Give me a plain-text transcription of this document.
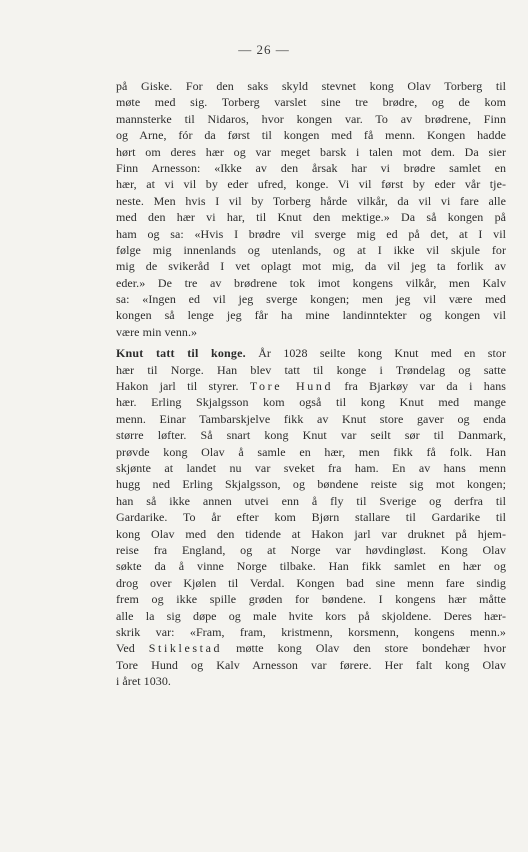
— 26 —
på Giske. For den saks skyld stevnet kong Olav Torberg til
møte med sig. Torberg varslet sine tre brødre, og de kom
mannsterke til Nidaros, hvor kongen var. To av brødrene, Finn
og Arne, fór da først til kongen med få menn. Kongen hadde
hørt om deres hær og var meget barsk i talen mot dem. Da sier
Finn Arnesson: «Ikke av den årsak har vi brødre samlet en
hær, at vi vil by eder ufred, konge. Vi vil først by eder vår tje-
neste. Men hvis I vil by Torberg hårde vilkår, da vil vi fare alle
med den hær vi har, til Knut den mektige.» Da så kongen på
ham og sa: «Hvis I brødre vil sverge mig ed på det, at I vil
følge mig innenlands og utenlands, og at I ikke vil skjule for
mig de svikeråd I vet oplagt mot mig, da vil jeg ta forlik av
eder.» De tre av brødrene tok imot kongens vilkår, men Kalv
sa: «Ingen ed vil jeg sverge kongen; men jeg vil være med
kongen så lenge jeg får ha mine landinntekter og kongen vil
være min venn.»
Knut tatt til konge. År 1028 seilte kong Knut med en stor
hær til Norge. Han blev tatt til konge i Trøndelag og satte
Hakon jarl til styrer. Tore Hund fra Bjarkøy var da i hans
hær. Erling Skjalgsson kom også til kong Knut med mange
menn. Einar Tambarskjelve fikk av Knut store gaver og enda
større løfter. Så snart kong Knut var seilt sør til Danmark,
prøvde kong Olav å samle en hær, men fikk få folk. Han
skjønte at landet nu var sveket fra ham. En av hans menn
hugg ned Erling Skjalgsson, og bøndene reiste sig mot kongen;
han så ikke annen utvei enn å fly til Sverige og derfra til
Gardarike. To år efter kom Bjørn stallare til Gardarike til
kong Olav med den tidende at Hakon jarl var druknet på hjem-
reise fra England, og at Norge var høvdingløst. Kong Olav
søkte da å vinne Norge tilbake. Han fikk samlet en hær og
drog over Kjølen til Verdal. Kongen bad sine menn fare sindig
frem og ikke spille grøden for bøndene. I kongens hær måtte
alle la sig døpe og male hvite kors på skjoldene. Deres hær-
skrik var: «Fram, fram, kristmenn, korsmenn, kongens menn.»
Ved Stiklestad møtte kong Olav den store bondehær hvor
Tore Hund og Kalv Arnesson var førere. Her falt kong Olav
i året 1030.
